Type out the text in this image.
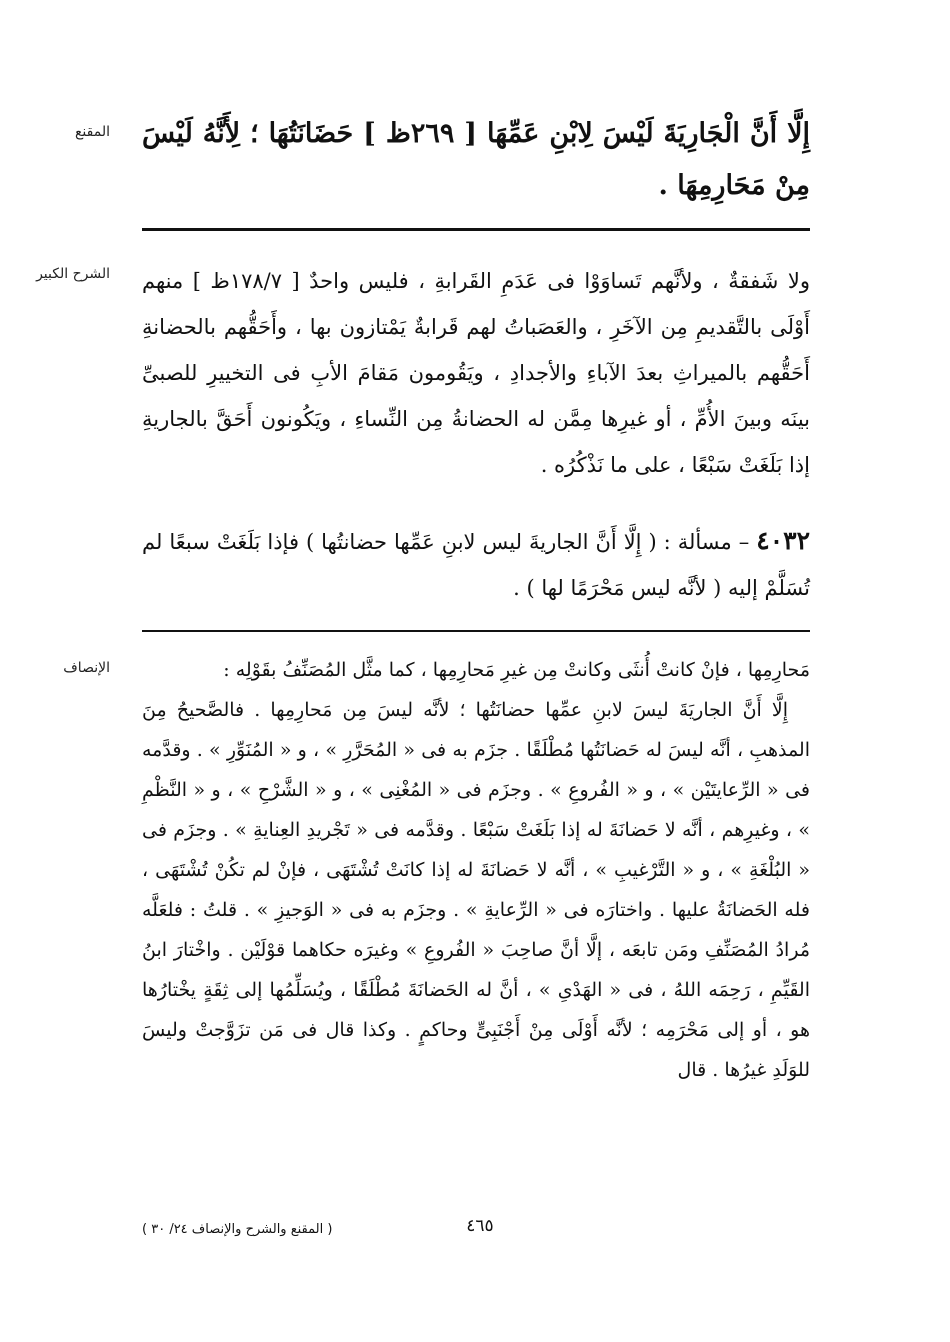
المقنع إِلَّا أَنَّ الْجَارِيَةَ لَيْسَ لِابْنِ عَمِّهَا [ ٢٦٩ظ ] حَضَانَتُهَا ؛ لِأَنَّهُ لَيْسَ مِنْ مَحَارِمِهَا .

الشرح الكبير ولا شَفقةٌ ، ولأنَّهم تَساوَوْا فى عَدَمِ القَرابةِ ، فليس واحدٌ [ ١٧٨/٧ظ ] منهم أَوْلَى بالتَّقديمِ مِن الآخَرِ ، والعَصَباتُ لهم قَرابةٌ يَمْتازون بها ، وأَحَقُّهم بالحضانةِ أَحَقُّهم بالميراثِ بعدَ الآباءِ والأجدادِ ، ويَقُومون مَقامَ الأبِ فى التخييرِ للصبىِّ بينَه وبينَ الأُمِّ ، أو غيرِها مِمَّن له الحضانةُ مِن النِّساءِ ، ويَكُونون أَحَقَّ بالجاريةِ إذا بَلَغَتْ سَبْعًا ، على ما نَذْكُرُه .

٤٠٣٢ – مسألة : ( إِلَّا أَنَّ الجاريةَ ليس لابنِ عَمِّها حضانتُها ) فإذا بَلَغَتْ سبعًا لم تُسَلَّمْ إليه ( لأنَّه ليس مَحْرَمًا لها ) .

الإنصاف	مَحارِمِها ، فإنْ كانتْ أُنثَى وكانتْ مِن غيرِ مَحارِمِها ، كما مثَّل المُصَنِّفُ بقَوْلِه :

إِلَّا أَنَّ الجاريَةَ ليسَ لابنِ عمِّها حضانَتُها ؛ لأنَّه ليسَ مِن مَحارِمِها . فالصَّحيحُ مِنَ المذهبِ ، أنَّه ليسَ له حَضانَتُها مُطْلَقًا . جزَم به فى « المُحَرَّرِ » ، و « المُنَوِّرِ » . وقدَّمه فى « الرِّعايتَيْن » ، و « الفُروعِ » . وجزَم فى « المُغْنِى » ، و « الشَّرْحِ » ، و « النَّظْمِ » ، وغيرِهم ، أنَّه لا حَضانَةَ له إذا بَلَغَتْ سَبْعًا . وقدَّمه فى « تَجْريدِ العِنايةِ » . وجزَم فى « البُلْغَةِ » ، و « التَّرْغيبِ » ، أنَّه لا حَضانَةَ له إذا كانَتْ تُشْتَهَى ، فإنْ لم تكُنْ تُشْتَهَى ، فله الحَضانَةُ عليها . واختارَه فى « الرِّعايةِ » . وجزَم به فى « الوَجيزِ » . قلتُ : فلعَلَّه مُرادُ المُصَنِّفِ ومَن تابعَه ، إلَّا أنَّ صاحِبَ « الفُروعِ » وغيرَه حكاهما قوْلَيْن . واخْتارَ ابنُ القَيِّمِ ، رَحِمَه اللهُ ، فى « الهَدْىِ » ، أنَّ له الحَضانَةَ مُطْلَقًا ، ويُسَلِّمُها إلى ثِقَةٍ يخْتارُها هو ، أو إلى مَحْرَمِه ؛ لأنَّه أَوْلَى مِنْ أَجْنَبِىٍّ وحاكمٍ . وكذا قال فى مَن تزَوَّجتْ وليسَ للوَلَدِ غيرُها . قال

٤٦٥
( المقنع والشرح والإنصاف ٢٤/ ٣٠ )
